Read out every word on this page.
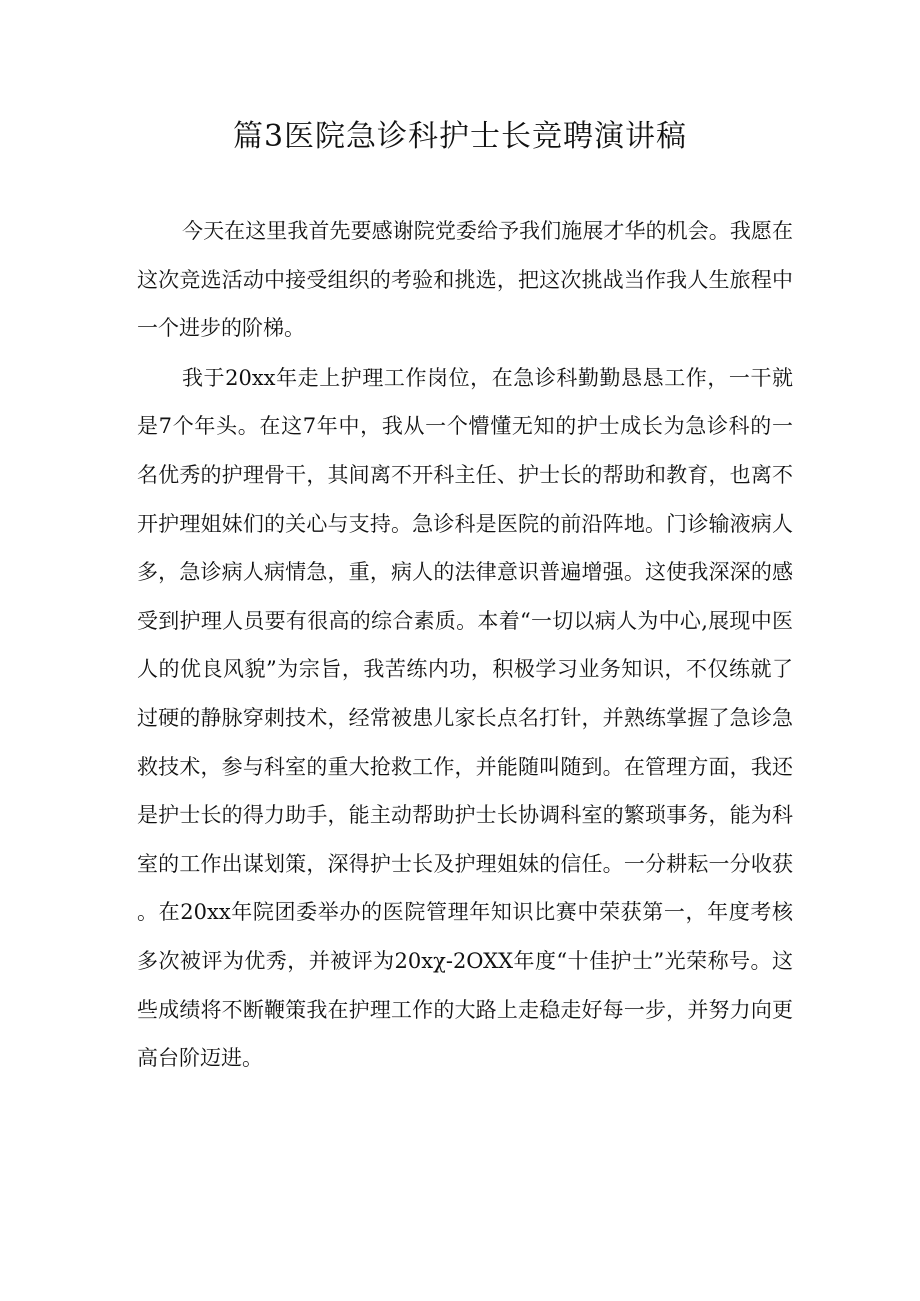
篇3医院急诊科护士长竞聘演讲稿

今天在这里我首先要感谢院党委给予我们施展才华的机会。我愿在这次竞选活动中接受组织的考验和挑选，把这次挑战当作我人生旅程中一个进步的阶梯。

我于20xx年走上护理工作岗位，在急诊科勤勤恳恳工作，一干就是7个年头。在这7年中，我从一个懵懂无知的护士成长为急诊科的一名优秀的护理骨干，其间离不开科主任、护士长的帮助和教育，也离不开护理姐妹们的关心与支持。急诊科是医院的前沿阵地。门诊输液病人多，急诊病人病情急，重，病人的法律意识普遍增强。这使我深深的感受到护理人员要有很高的综合素质。本着“一切以病人为中心,展现中医人的优良风貌”为宗旨，我苦练内功，积极学习业务知识，不仅练就了过硬的静脉穿刺技术，经常被患儿家长点名打针，并熟练掌握了急诊急救技术，参与科室的重大抢救工作，并能随叫随到。在管理方面，我还是护士长的得力助手，能主动帮助护士长协调科室的繁琐事务，能为科室的工作出谋划策，深得护士长及护理姐妹的信任。一分耕耘一分收获。在20xx年院团委举办的医院管理年知识比赛中荣获第一，年度考核多次被评为优秀，并被评为20xχ-2OXX年度“十佳护士”光荣称号。这些成绩将不断鞭策我在护理工作的大路上走稳走好每一步，并努力向更高台阶迈进。
